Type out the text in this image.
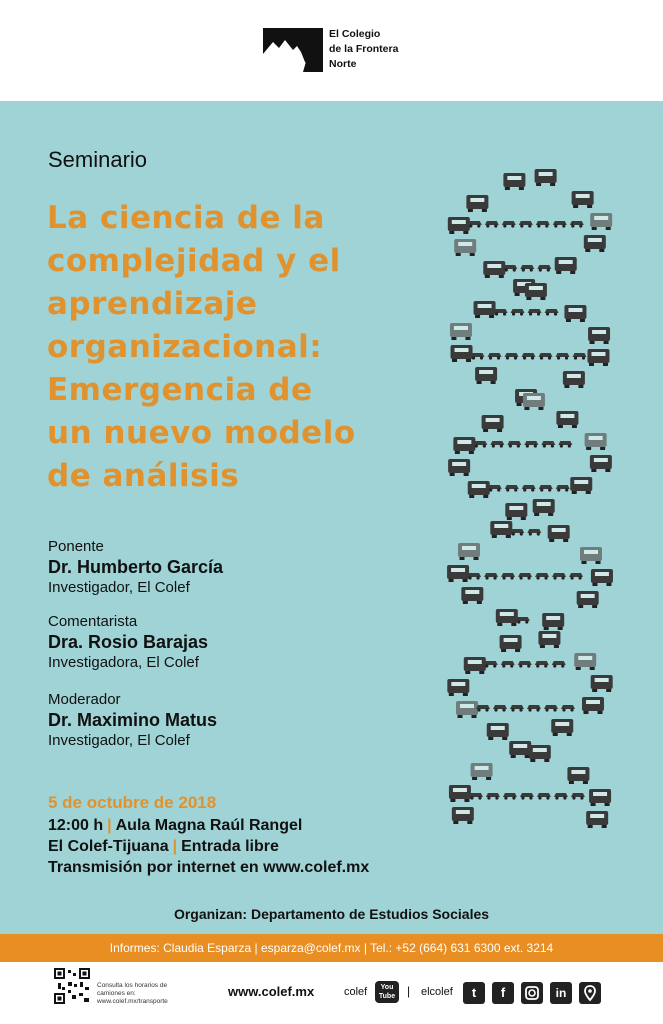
El Colegio
de la Frontera
Norte
Seminario
La ciencia de la
complejidad y el
aprendizaje
organizacional:
Emergencia de
un nuevo modelo
de análisis
Ponente
Dr. Humberto García
Investigador, El Colef
Comentarista
Dra. Rosio Barajas
Investigadora, El Colef
Moderador
Dr. Maximino Matus
Investigador, El Colef
5 de octubre de 2018
12:00 h | Aula Magna Raúl Rangel
El Colef-Tijuana | Entrada libre
Transmisión por internet en www.colef.mx
Organizan: Departamento de Estudios Sociales
Informes: Claudia Esparza | esparza@colef.mx | Tel.: +52 (664) 631 6300 ext. 3214
Consulta los horarios de camiones en: www.colef.mx/transporte
www.colef.mx	colef	You Tube | elcolef	t	f	in
